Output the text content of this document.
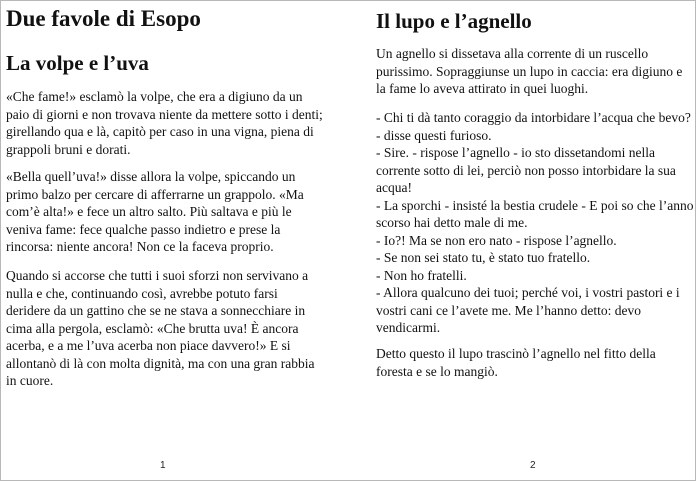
Due favole di Esopo
La volpe e l’uva

«Che fame!» esclamò la volpe, che era a digiuno da un paio di giorni e non trovava niente da mettere sotto i denti; girellando qua e là, capitò per caso in una vigna, piena di grappoli bruni e dorati.

«Bella quell’uva!» disse allora la volpe, spiccando un primo balzo per cercare di afferrarne un grappolo. «Ma com’è alta!» e fece un altro salto. Più saltava e più le veniva fame: fece qualche passo indietro e prese la rincorsa: niente ancora! Non ce la faceva proprio.

Quando si accorse che tutti i suoi sforzi non servivano a nulla e che, continuando così, avrebbe potuto farsi deridere da un gattino che se ne stava a sonnecchiare in cima alla pergola, esclamò: «Che brutta uva! È ancora acerba, e a me l’uva acerba non piace davvero!» E si allontanò di là con molta dignità, ma con una gran rabbia in cuore.

1
Il lupo e l’agnello

Un agnello si dissetava alla corrente di un ruscello purissimo. Sopraggiunse un lupo in caccia: era digiuno e la fame lo aveva attirato in quei luoghi.

- Chi ti dà tanto coraggio da intorbidare l’acqua che bevo? - disse questi furioso.
- Sire. - rispose l’agnello - io sto dissetandomi nella corrente sotto di lei, perciò non posso intorbidare la sua acqua!
- La sporchi - insisté la bestia crudele - E poi so che l’anno scorso hai detto male di me.
- Io?! Ma se non ero nato - rispose l’agnello.
- Se non sei stato tu, è stato tuo fratello.
- Non ho fratelli.
- Allora qualcuno dei tuoi; perché voi, i vostri pastori e i vostri cani ce l’avete me. Me l’hanno detto: devo vendicarmi.

Detto questo il lupo trascinò l’agnello nel fitto della foresta e se lo mangiò.

2
